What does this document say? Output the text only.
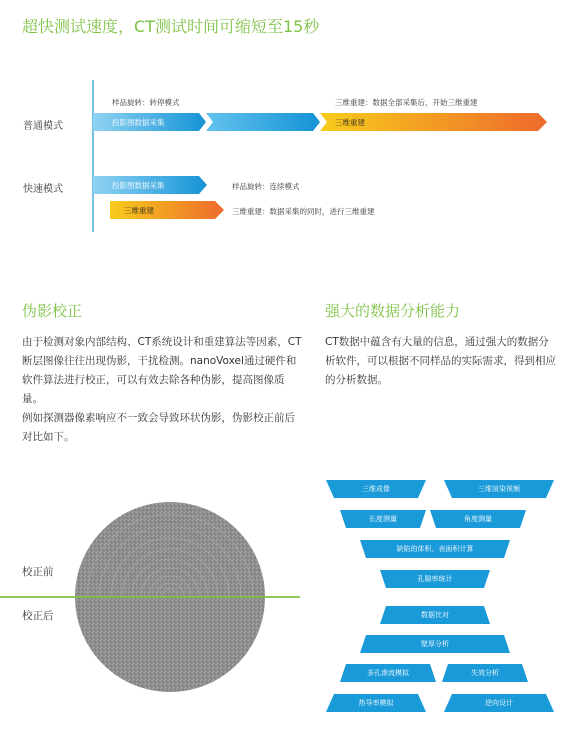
超快测试速度，CT测试时间可缩短至15秒
样品旋转：转停模式	三维重建：数据全部采集后，开始三维重建
普通模式	投影图数据采集	三维重建
快速模式	投影图数据采集	样品旋转：连续模式
三维重建	三维重建：数据采集的同时，进行三维重建
伪影校正
由于检测对象内部结构、CT系统设计和重建算法等因素，CT断层图像往往出现伪影，干扰检测。nanoVoxel通过硬件和软件算法进行校正，可以有效去除各种伪影，提高图像质量。
例如探测器像素响应不一致会导致环状伪影，伪影校正前后对比如下。
强大的数据分析能力
CT数据中蕴含有大量的信息，通过强大的数据分析软件，可以根据不同样品的实际需求，得到相应的分析数据。
校正前
校正后
三维成像	三维渲染视频
长度测量	角度测量
缺陷的体积、表面积计算
孔隙率统计
数据比对
壁厚分析
多孔渗流模拟	失效分析
热导率模拟	逆向设计
